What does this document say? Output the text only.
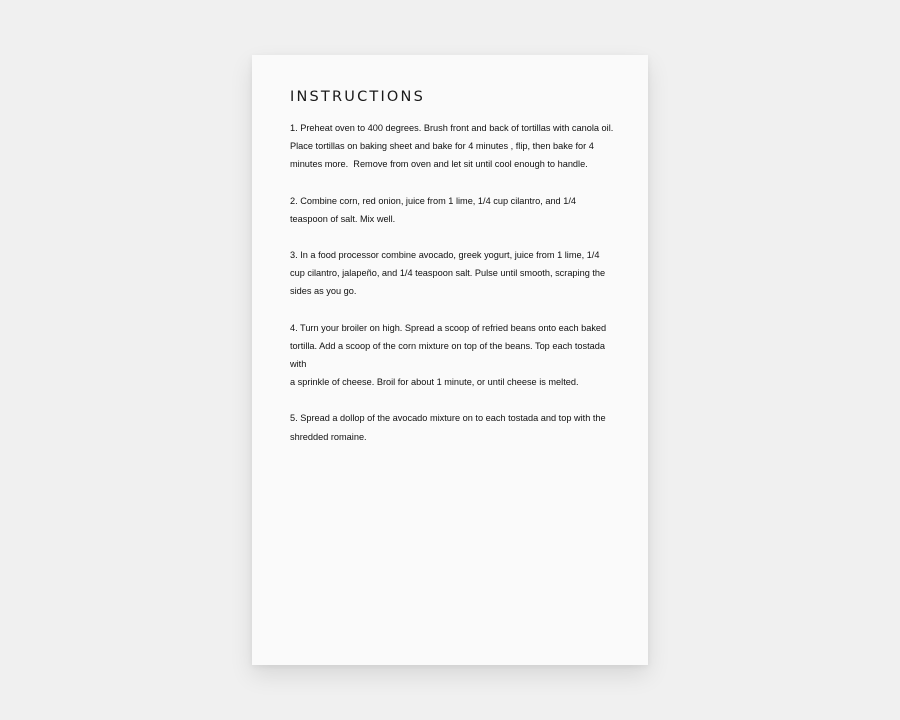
INSTRUCTIONS
1. Preheat oven to 400 degrees. Brush front and back of tortillas with canola oil.
Place tortillas on baking sheet and bake for 4 minutes , flip, then bake for 4
minutes more.  Remove from oven and let sit until cool enough to handle.
2. Combine corn, red onion, juice from 1 lime, 1/4 cup cilantro, and 1/4
teaspoon of salt. Mix well.
3. In a food processor combine avocado, greek yogurt, juice from 1 lime, 1/4
cup cilantro, jalapeño, and 1/4 teaspoon salt. Pulse until smooth, scraping the
sides as you go.
4. Turn your broiler on high. Spread a scoop of refried beans onto each baked
tortilla. Add a scoop of the corn mixture on top of the beans. Top each tostada with
a sprinkle of cheese. Broil for about 1 minute, or until cheese is melted.
5. Spread a dollop of the avocado mixture on to each tostada and top with the
shredded romaine.
